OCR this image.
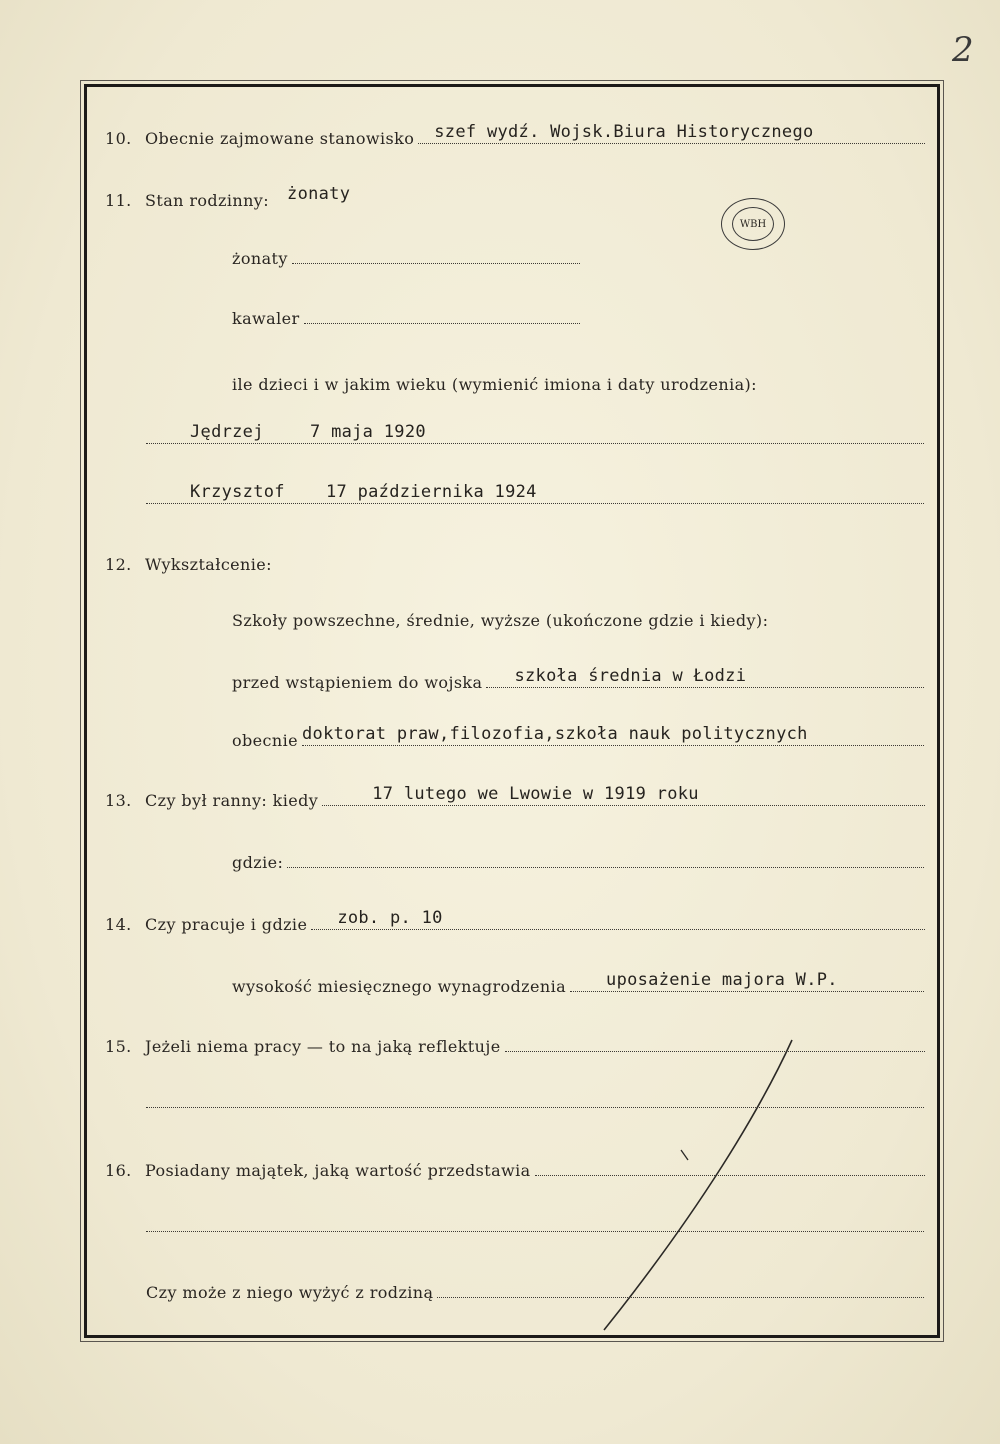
2
WBH
10. Obecnie zajmowane stanowisko szef wydź. Wojsk.Biura Historycznego
11. Stan rodzinny: żonaty
żonaty
kawaler
ile dzieci i w jakim wieku (wymienić imiona i daty urodzenia):
Jędrzej	7 maja 1920
Krzysztof 17 października 1924
12. Wykształcenie:
Szkoły powszechne, średnie, wyższe (ukończone gdzie i kiedy):
przed wstąpieniem do wojska szkoła średnia w Łodzi
obecnie doktorat praw,filozofia,szkoła nauk politycznych
13. Czy był ranny: kiedy	17 lutego we Lwowie w 1919 roku
gdzie:
14. Czy pracuje i gdzie zob. p. 10
wysokość miesięcznego wynagrodzenia uposażenie majora W.P.
15. Jeżeli niema pracy — to na jaką reflektuje
16. Posiadany majątek, jaką wartość przedstawia
Czy może z niego wyżyć z rodziną
